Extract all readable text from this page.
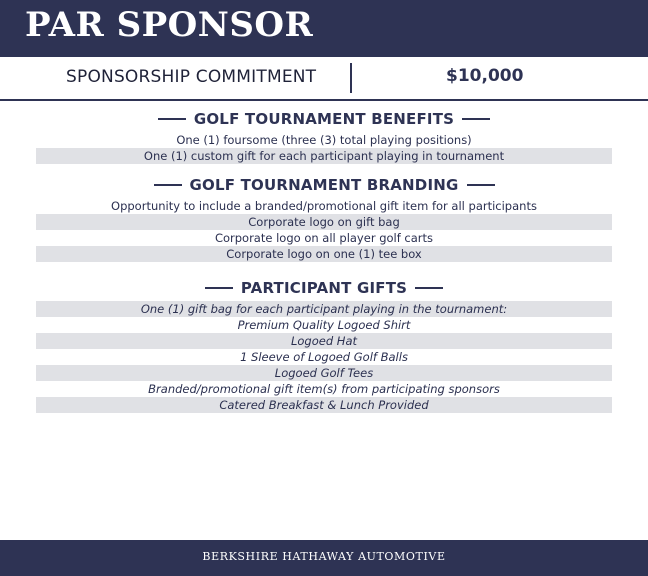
PAR SPONSOR
SPONSORSHIP COMMITMENT	$10,000
GOLF TOURNAMENT BENEFITS
One (1) foursome (three (3) total playing positions)
One (1) custom gift for each participant playing in tournament
GOLF TOURNAMENT BRANDING
Opportunity to include a branded/promotional gift item for all participants
Corporate logo on gift bag
Corporate logo on all player golf carts
Corporate logo on one (1) tee box
PARTICIPANT GIFTS
One (1) gift bag for each participant playing in the tournament:
Premium Quality Logoed Shirt
Logoed Hat
1 Sleeve of Logoed Golf Balls
Logoed Golf Tees
Branded/promotional gift item(s) from participating sponsors
Catered Breakfast & Lunch Provided
BERKSHIRE HATHAWAY AUTOMOTIVE
